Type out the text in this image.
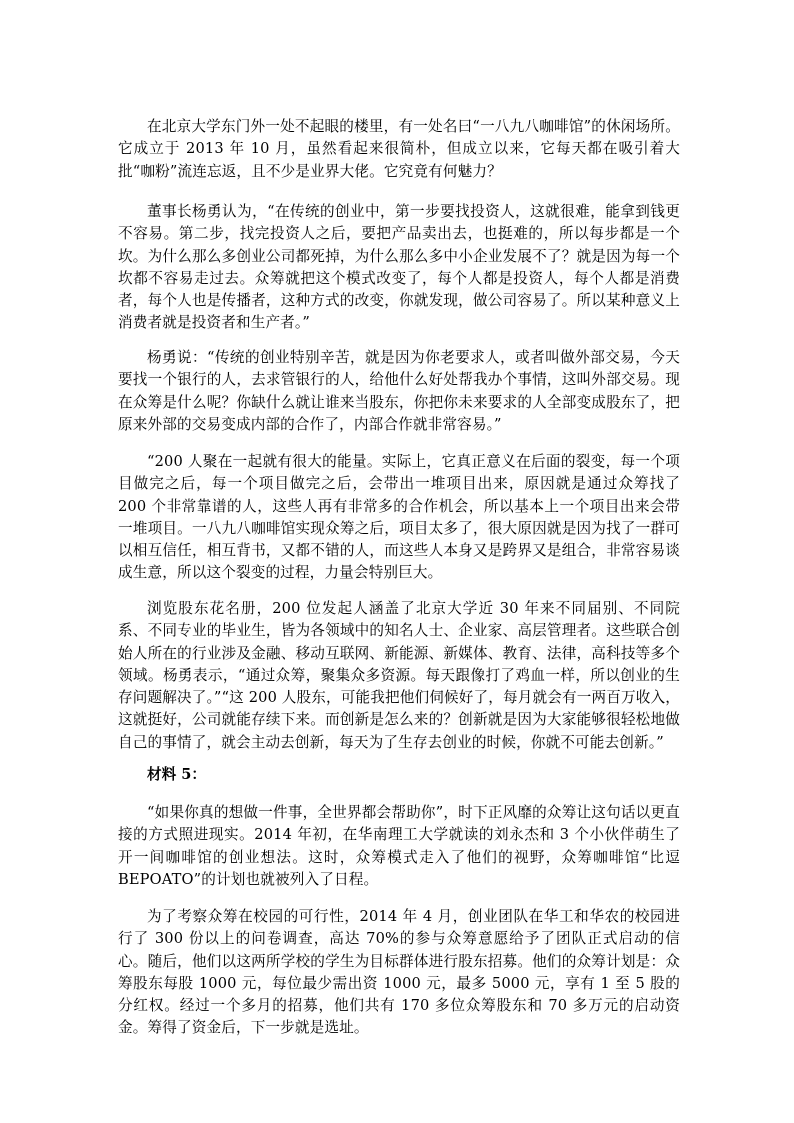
在北京大学东门外一处不起眼的楼里，有一处名曰“一八九八咖啡馆”的休闲场所。它成立于 2013 年 10 月，虽然看起来很简朴，但成立以来，它每天都在吸引着大批“咖粉”流连忘返，且不少是业界大佬。它究竟有何魅力？

董事长杨勇认为，“在传统的创业中，第一步要找投资人，这就很难，能拿到钱更不容易。第二步，找完投资人之后，要把产品卖出去，也挺难的，所以每步都是一个坎。为什么那么多创业公司都死掉，为什么那么多中小企业发展不了？就是因为每一个坎都不容易走过去。众筹就把这个模式改变了，每个人都是投资人，每个人都是消费者，每个人也是传播者，这种方式的改变，你就发现，做公司容易了。所以某种意义上消费者就是投资者和生产者。”

杨勇说：“传统的创业特别辛苦，就是因为你老要求人，或者叫做外部交易，今天要找一个银行的人，去求管银行的人，给他什么好处帮我办个事情，这叫外部交易。现在众筹是什么呢？你缺什么就让谁来当股东，你把你未来要求的人全部变成股东了，把原来外部的交易变成内部的合作了，内部合作就非常容易。”

“200 人聚在一起就有很大的能量。实际上，它真正意义在后面的裂变，每一个项目做完之后，每一个项目做完之后，会带出一堆项目出来，原因就是通过众筹找了 200 个非常靠谱的人，这些人再有非常多的合作机会，所以基本上一个项目出来会带一堆项目。一八九八咖啡馆实现众筹之后，项目太多了，很大原因就是因为找了一群可以相互信任，相互背书，又都不错的人，而这些人本身又是跨界又是组合，非常容易谈成生意，所以这个裂变的过程，力量会特别巨大。

浏览股东花名册，200 位发起人涵盖了北京大学近 30 年来不同届别、不同院系、不同专业的毕业生，皆为各领域中的知名人士、企业家、高层管理者。这些联合创始人所在的行业涉及金融、移动互联网、新能源、新媒体、教育、法律，高科技等多个领域。杨勇表示，“通过众筹，聚集众多资源。每天跟像打了鸡血一样，所以创业的生存问题解决了。”“这 200 人股东，可能我把他们伺候好了，每月就会有一两百万收入，这就挺好，公司就能存续下来。而创新是怎么来的？创新就是因为大家能够很轻松地做自己的事情了，就会主动去创新，每天为了生存去创业的时候，你就不可能去创新。”

材料 5：

“如果你真的想做一件事，全世界都会帮助你”，时下正风靡的众筹让这句话以更直接的方式照进现实。2014 年初，在华南理工大学就读的刘永杰和 3 个小伙伴萌生了开一间咖啡馆的创业想法。这时，众筹模式走入了他们的视野，众筹咖啡馆“比逗 BEPOATO”的计划也就被列入了日程。

为了考察众筹在校园的可行性，2014 年 4 月，创业团队在华工和华农的校园进行了 300 份以上的问卷调查，高达 70%的参与众筹意愿给予了团队正式启动的信心。随后，他们以这两所学校的学生为目标群体进行股东招募。他们的众筹计划是：众筹股东每股 1000 元，每位最少需出资 1000 元，最多 5000 元，享有 1 至 5 股的分红权。经过一个多月的招募，他们共有 170 多位众筹股东和 70 多万元的启动资金。筹得了资金后，下一步就是选址。
